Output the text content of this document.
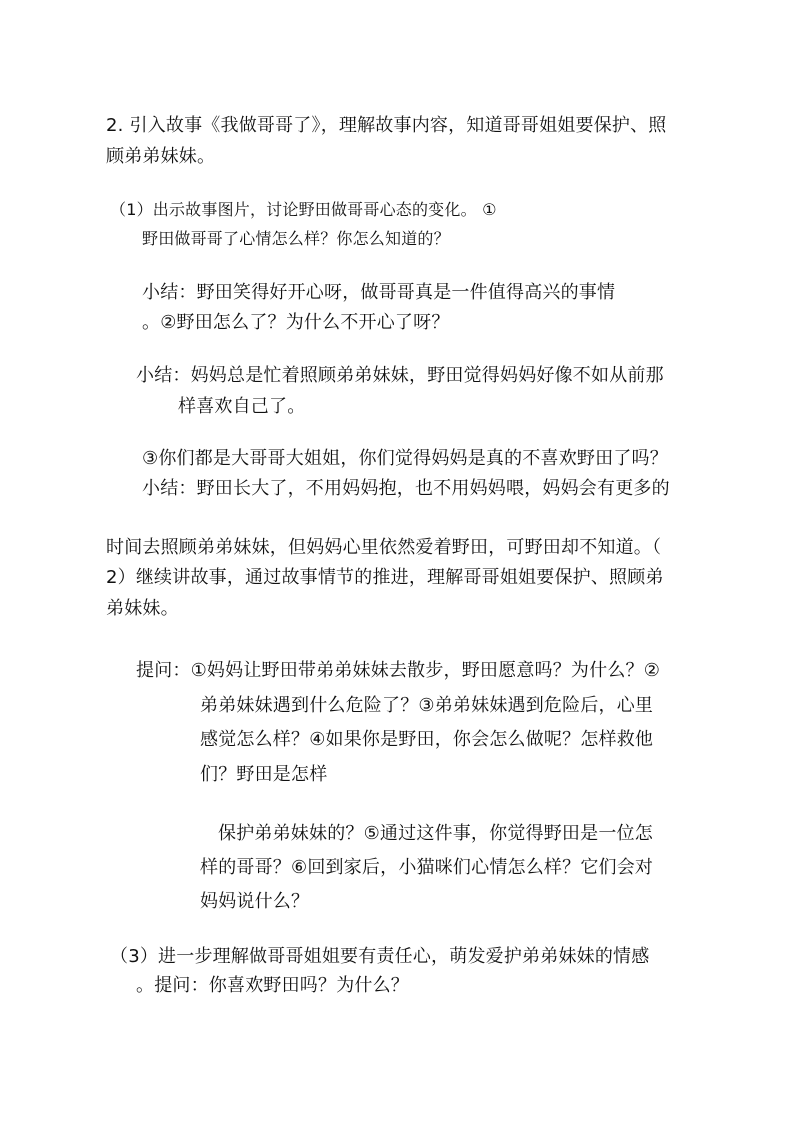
2. 引入故事《我做哥哥了》，理解故事内容，知道哥哥姐姐要保护、照
顾弟弟妹妹。
（1）出示故事图片，讨论野田做哥哥心态的变化。 ①
野田做哥哥了心情怎么样？你怎么知道的？
小结：野田笑得好开心呀，做哥哥真是一件值得高兴的事情
。②野田怎么了？为什么不开心了呀？
小结：妈妈总是忙着照顾弟弟妹妹，野田觉得妈妈好像不如从前那
样喜欢自己了。
③你们都是大哥哥大姐姐，你们觉得妈妈是真的不喜欢野田了吗？
小结：野田长大了，不用妈妈抱，也不用妈妈喂，妈妈会有更多的
时间去照顾弟弟妹妹，但妈妈心里依然爱着野田，可野田却不知道。（
2）继续讲故事，通过故事情节的推进，理解哥哥姐姐要保护、照顾弟
弟妹妹。
提问：①妈妈让野田带弟弟妹妹去散步，野田愿意吗？为什么？②
弟弟妹妹遇到什么危险了？③弟弟妹妹遇到危险后，心里
感觉怎么样？④如果你是野田，你会怎么做呢？怎样救他
们？野田是怎样
保护弟弟妹妹的？⑤通过这件事，你觉得野田是一位怎
样的哥哥？⑥回到家后，小猫咪们心情怎么样？它们会对
妈妈说什么？
（3）进一步理解做哥哥姐姐要有责任心，萌发爱护弟弟妹妹的情感
。提问：你喜欢野田吗？为什么？
